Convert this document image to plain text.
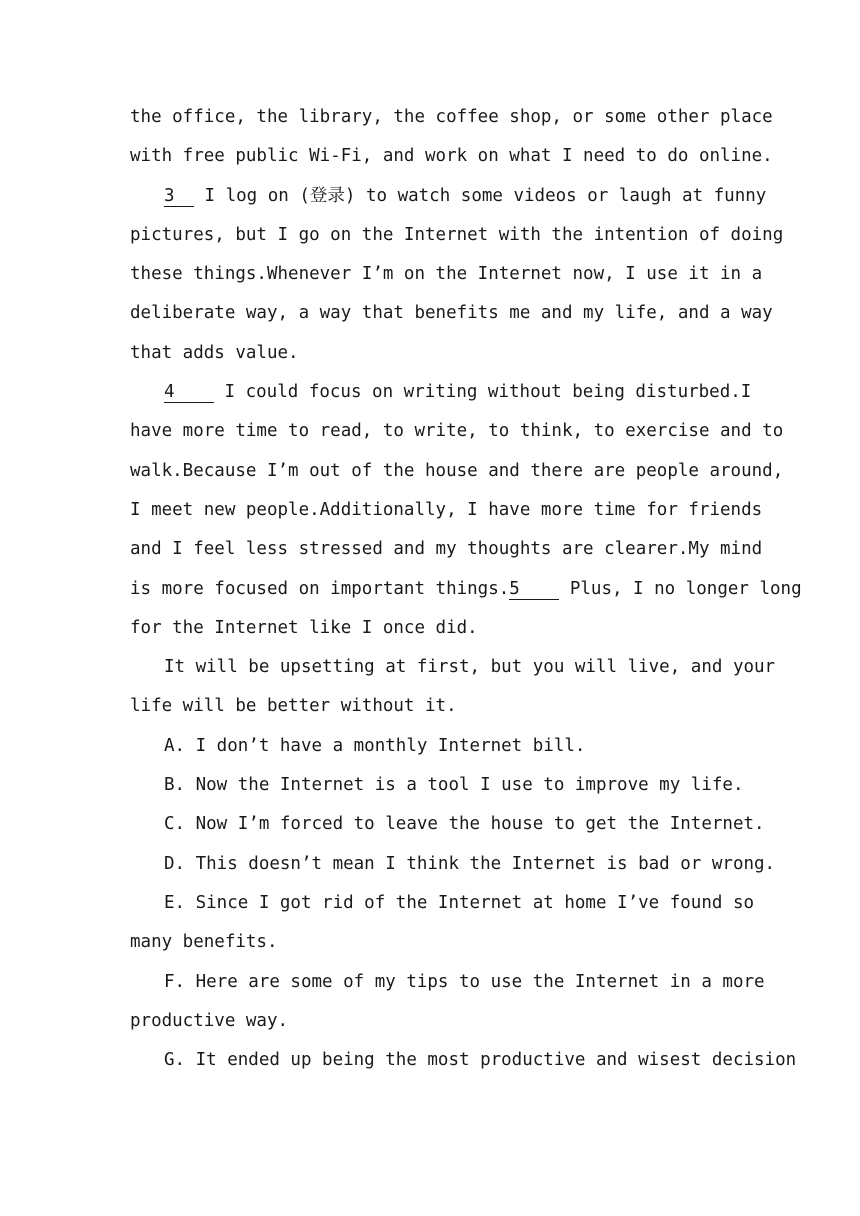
the office, the library, the coffee shop, or some other place
with free public Wi-Fi, and work on what I need to do online.
3 I log on (登录) to watch some videos or laugh at funny
pictures, but I go on the Internet with the intention of doing
these things.Whenever I’m on the Internet now, I use it in a
deliberate way, a way that benefits me and my life, and a way
that adds value.
4 I could focus on writing without being disturbed.I
have more time to read, to write, to think, to exercise and to
walk.Because I’m out of the house and there are people around,
I meet new people.Additionally, I have more time for friends
and I feel less stressed and my thoughts are clearer.My mind
is more focused on important things.5 Plus, I no longer long
for the Internet like I once did.
It will be upsetting at first, but you will live, and your
life will be better without it.
A. I don’t have a monthly Internet bill.
B. Now the Internet is a tool I use to improve my life.
C. Now I’m forced to leave the house to get the Internet.
D. This doesn’t mean I think the Internet is bad or wrong.
E. Since I got rid of the Internet at home I’ve found so
many benefits.
F. Here are some of my tips to use the Internet in a more
productive way.
G. It ended up being the most productive and wisest decision
